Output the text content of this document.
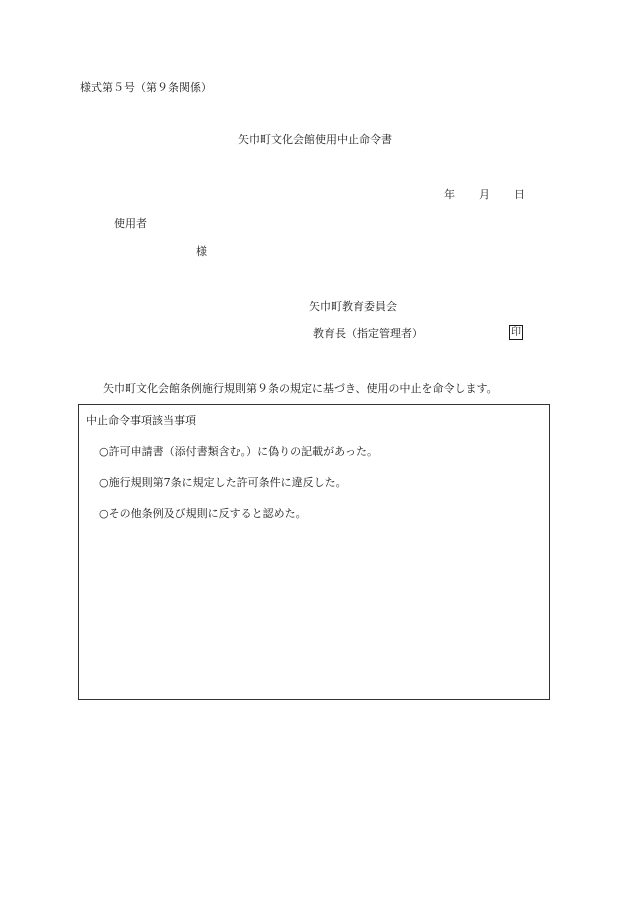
様式第５号（第９条関係）
矢巾町文化会館使用中止命令書
年 月 日
使用者
様
矢巾町教育委員会
教育長（指定管理者）	印
矢巾町文化会館条例施行規則第９条の規定に基づき、使用の中止を命令します。
中止命令事項該当事項
○許可申請書（添付書類含む。）に偽りの記載があった。
○施行規則第7条に規定した許可条件に違反した。
○その他条例及び規則に反すると認めた。
